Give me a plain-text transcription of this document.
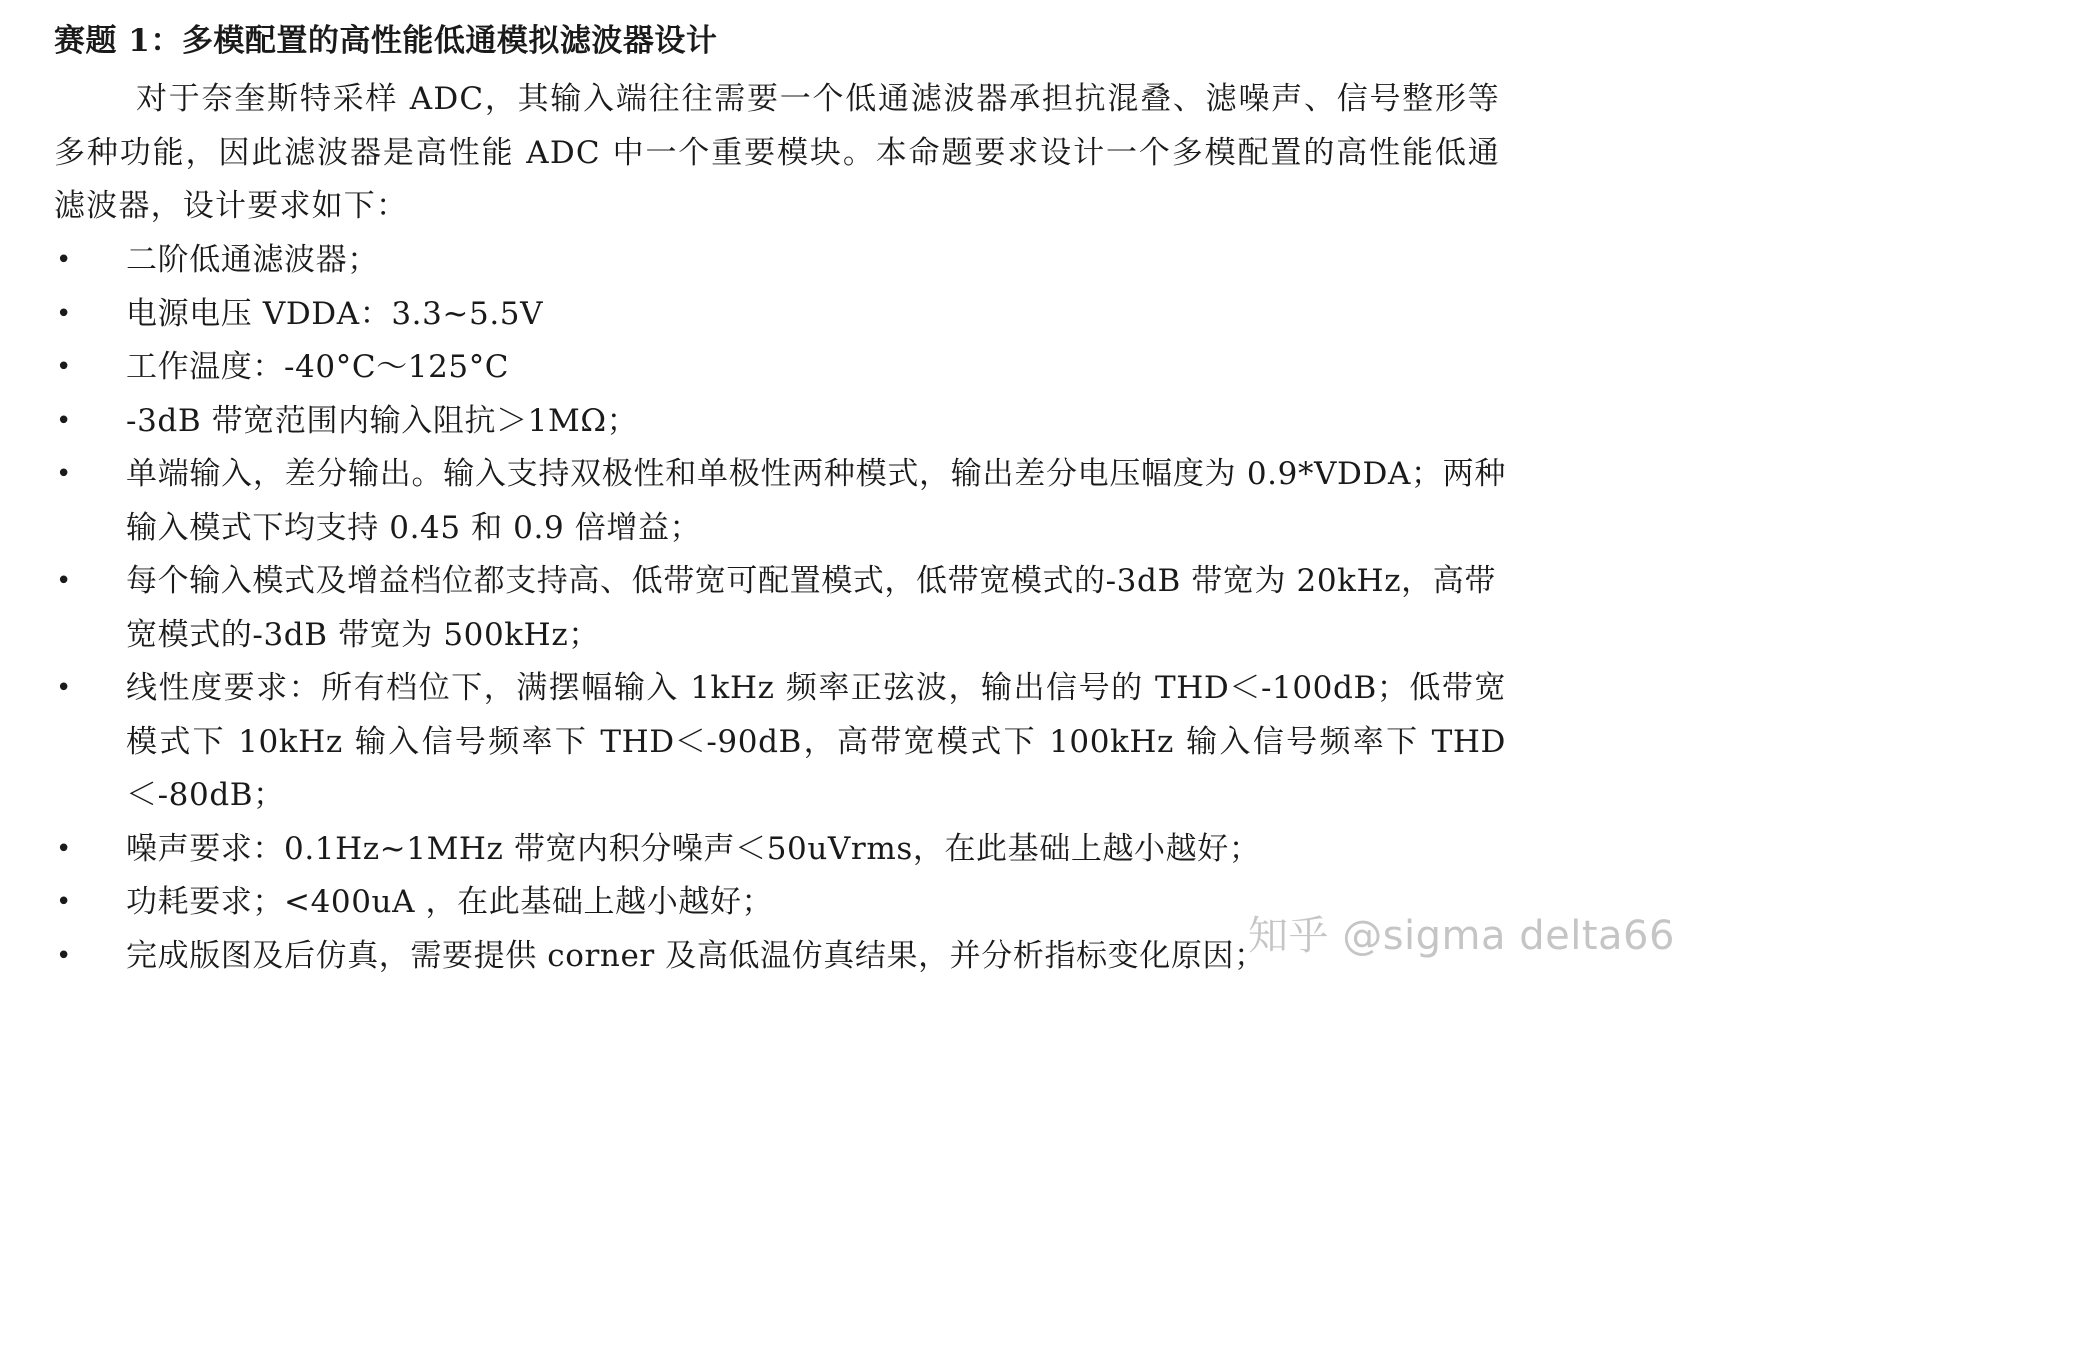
赛题 1：多模配置的高性能低通模拟滤波器设计

对于奈奎斯特采样 ADC，其输入端往往需要一个低通滤波器承担抗混叠、滤噪声、信号整形等多种功能，因此滤波器是高性能 ADC 中一个重要模块。本命题要求设计一个多模配置的高性能低通滤波器，设计要求如下：

• 二阶低通滤波器；
• 电源电压 VDDA：3.3~5.5V
• 工作温度：-40°C～125°C
• -3dB 带宽范围内输入阻抗＞1MΩ；
• 单端输入，差分输出。输入支持双极性和单极性两种模式，输出差分电压幅度为 0.9*VDDA；两种输入模式下均支持 0.45 和 0.9 倍增益；
• 每个输入模式及增益档位都支持高、低带宽可配置模式，低带宽模式的-3dB 带宽为 20kHz，高带宽模式的-3dB 带宽为 500kHz；
• 线性度要求：所有档位下，满摆幅输入 1kHz 频率正弦波，输出信号的 THD＜-100dB；低带宽模式下 10kHz 输入信号频率下 THD＜-90dB，高带宽模式下 100kHz 输入信号频率下 THD＜-80dB；
• 噪声要求：0.1Hz~1MHz 带宽内积分噪声＜50uVrms，在此基础上越小越好；
• 功耗要求；<400uA ，在此基础上越小越好；
• 完成版图及后仿真，需要提供 corner 及高低温仿真结果，并分析指标变化原因；
知乎 @sigma delta66
